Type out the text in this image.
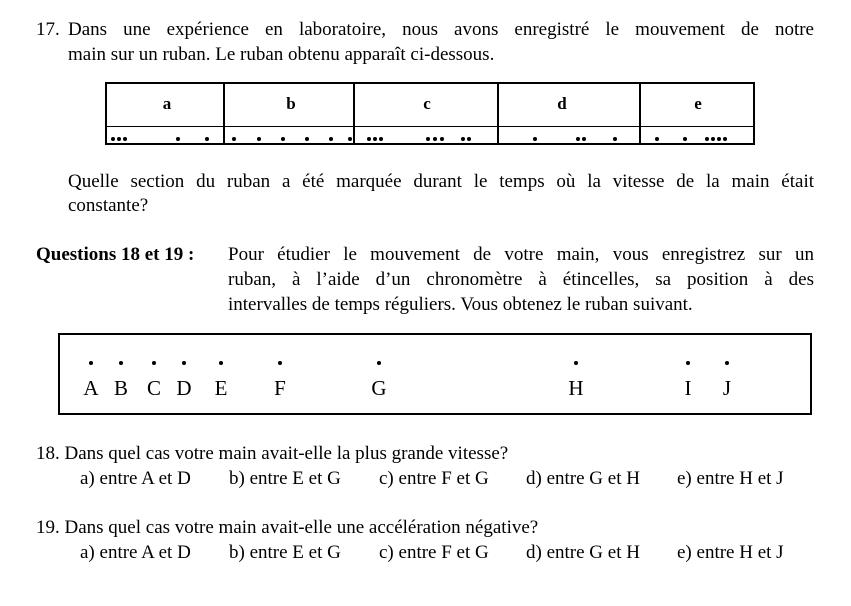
17. Dans une expérience en laboratoire, nous avons enregistré le mouvement de notre
main sur un ruban. Le ruban obtenu apparaît ci-dessous.
a	b	c	d	e
Quelle section du ruban a été marquée durant le temps où la vitesse de la main était
constante?
Questions 18 et 19 : Pour étudier le mouvement de votre main, vous enregistrez sur un
ruban, à l’aide d’un chronomètre à étincelles, sa position à des
intervalles de temps réguliers. Vous obtenez le ruban suivant.
A B C D E F	G	H	I J
18. Dans quel cas votre main avait-elle la plus grande vitesse?
a) entre A et D b) entre E et G c) entre F et G d) entre G et H e) entre H et J
19. Dans quel cas votre main avait-elle une accélération négative?
a) entre A et D b) entre E et G c) entre F et G d) entre G et H e) entre H et J
